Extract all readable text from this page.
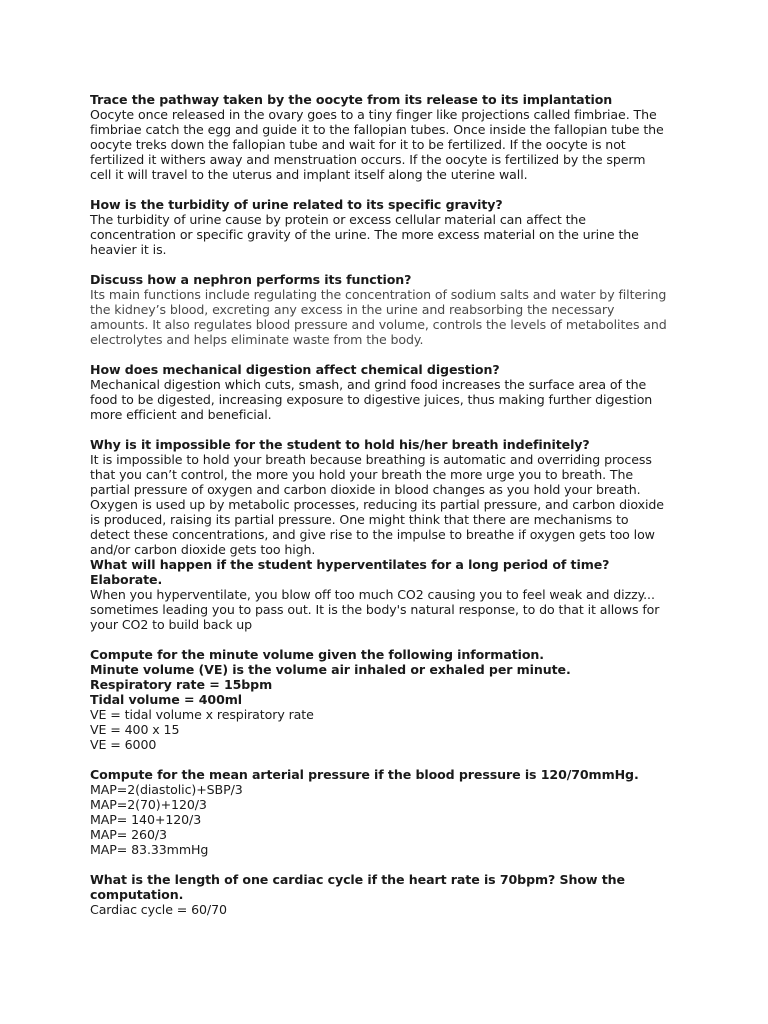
Trace the pathway taken by the oocyte from its release to its implantation
Oocyte once released in the ovary goes to a tiny finger like projections called fimbriae. The
fimbriae catch the egg and guide it to the fallopian tubes. Once inside the fallopian tube the
oocyte treks down the fallopian tube and wait for it to be fertilized. If the oocyte is not
fertilized it withers away and menstruation occurs. If the oocyte is fertilized by the sperm
cell it will travel to the uterus and implant itself along the uterine wall.
How is the turbidity of urine related to its specific gravity?
The turbidity of urine cause by protein or excess cellular material can affect the
concentration or specific gravity of the urine. The more excess material on the urine the
heavier it is.
Discuss how a nephron performs its function?
Its main functions include regulating the concentration of sodium salts and water by filtering
the kidney’s blood, excreting any excess in the urine and reabsorbing the necessary
amounts. It also regulates blood pressure and volume, controls the levels of metabolites and
electrolytes and helps eliminate waste from the body.
How does mechanical digestion affect chemical digestion?
Mechanical digestion which cuts, smash, and grind food increases the surface area of the
food to be digested, increasing exposure to digestive juices, thus making further digestion
more efficient and beneficial.
Why is it impossible for the student to hold his/her breath indefinitely?
It is impossible to hold your breath because breathing is automatic and overriding process
that you can’t control, the more you hold your breath the more urge you to breath. The
partial pressure of oxygen and carbon dioxide in blood changes as you hold your breath.
Oxygen is used up by metabolic processes, reducing its partial pressure, and carbon dioxide
is produced, raising its partial pressure. One might think that there are mechanisms to
detect these concentrations, and give rise to the impulse to breathe if oxygen gets too low
and/or carbon dioxide gets too high.
What will happen if the student hyperventilates for a long period of time?
Elaborate.
When you hyperventilate, you blow off too much CO2 causing you to feel weak and dizzy...
sometimes leading you to pass out. It is the body's natural response, to do that it allows for
your CO2 to build back up
Compute for the minute volume given the following information.
Minute volume (VE) is the volume air inhaled or exhaled per minute.
Respiratory rate = 15bpm
Tidal volume = 400ml
VE = tidal volume x respiratory rate
VE = 400 x 15
VE = 6000
Compute for the mean arterial pressure if the blood pressure is 120/70mmHg.
MAP=2(diastolic)+SBP/3
MAP=2(70)+120/3
MAP= 140+120/3
MAP= 260/3
MAP= 83.33mmHg
What is the length of one cardiac cycle if the heart rate is 70bpm? Show the
computation.
Cardiac cycle = 60/70
